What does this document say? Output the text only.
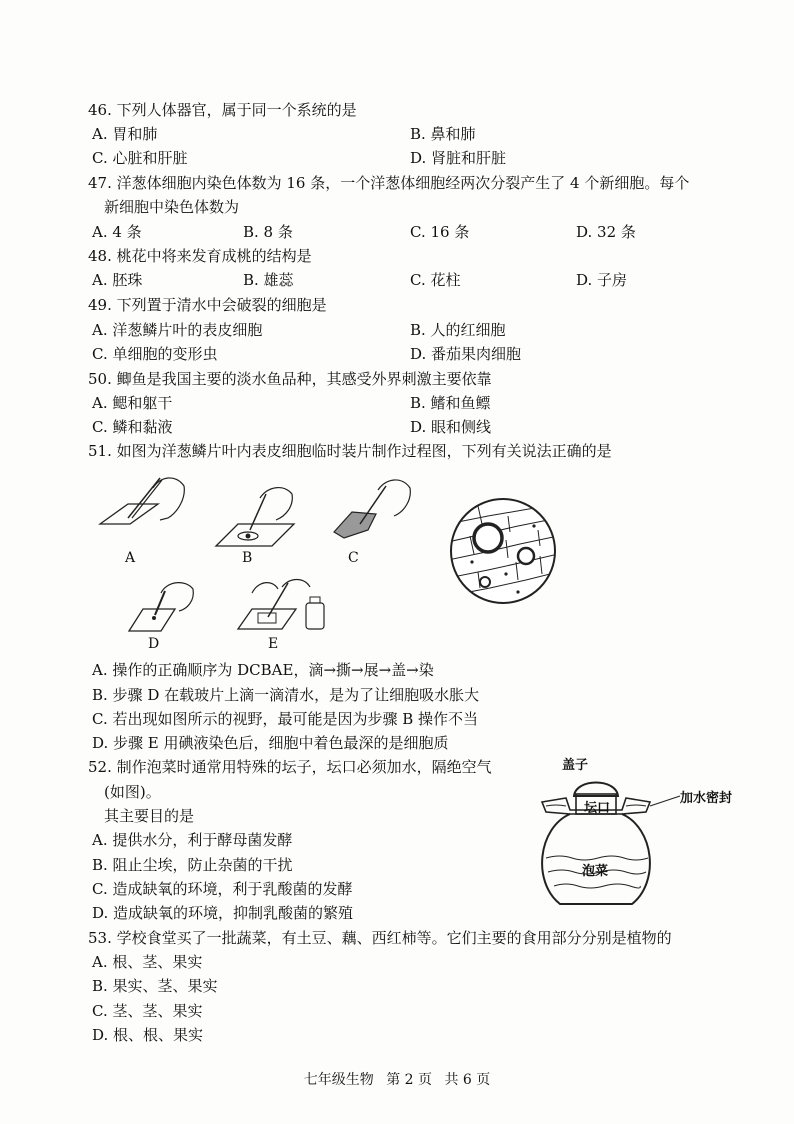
46. 下列人体器官，属于同一个系统的是
A. 胃和肺	B. 鼻和肺
C. 心脏和肝脏	D. 肾脏和肝脏
47. 洋葱体细胞内染色体数为 16 条，一个洋葱体细胞经两次分裂产生了 4 个新细胞。每个
新细胞中染色体数为
A. 4 条	B. 8 条	C. 16 条	D. 32 条
48. 桃花中将来发育成桃的结构是
A. 胚珠	B. 雄蕊	C. 花柱	D. 子房
49. 下列置于清水中会破裂的细胞是
A. 洋葱鳞片叶的表皮细胞	B. 人的红细胞
C. 单细胞的变形虫	D. 番茄果肉细胞
50. 鲫鱼是我国主要的淡水鱼品种，其感受外界刺激主要依靠
A. 鳃和躯干	B. 鳍和鱼鳔
C. 鳞和黏液	D. 眼和侧线
51. 如图为洋葱鳞片叶内表皮细胞临时装片制作过程图，下列有关说法正确的是
A	B	C
D	E
A. 操作的正确顺序为 DCBAE，滴→撕→展→盖→染
B. 步骤 D 在载玻片上滴一滴清水，是为了让细胞吸水胀大
C. 若出现如图所示的视野，最可能是因为步骤 B 操作不当
D. 步骤 E 用碘液染色后，细胞中着色最深的是细胞质
52. 制作泡菜时通常用特殊的坛子，坛口必须加水，隔绝空气
(如图)。
其主要目的是
A. 提供水分，利于酵母菌发酵
B. 阻止尘埃，防止杂菌的干扰
C. 造成缺氧的环境，利于乳酸菌的发酵
D. 造成缺氧的环境，抑制乳酸菌的繁殖
盖子
加水密封
坛口
泡菜
53. 学校食堂买了一批蔬菜，有土豆、藕、西红柿等。它们主要的食用部分分别是植物的
A. 根、茎、果实
B. 果实、茎、果实
C. 茎、茎、果实
D. 根、根、果实
七年级生物 第 2 页 共 6 页
